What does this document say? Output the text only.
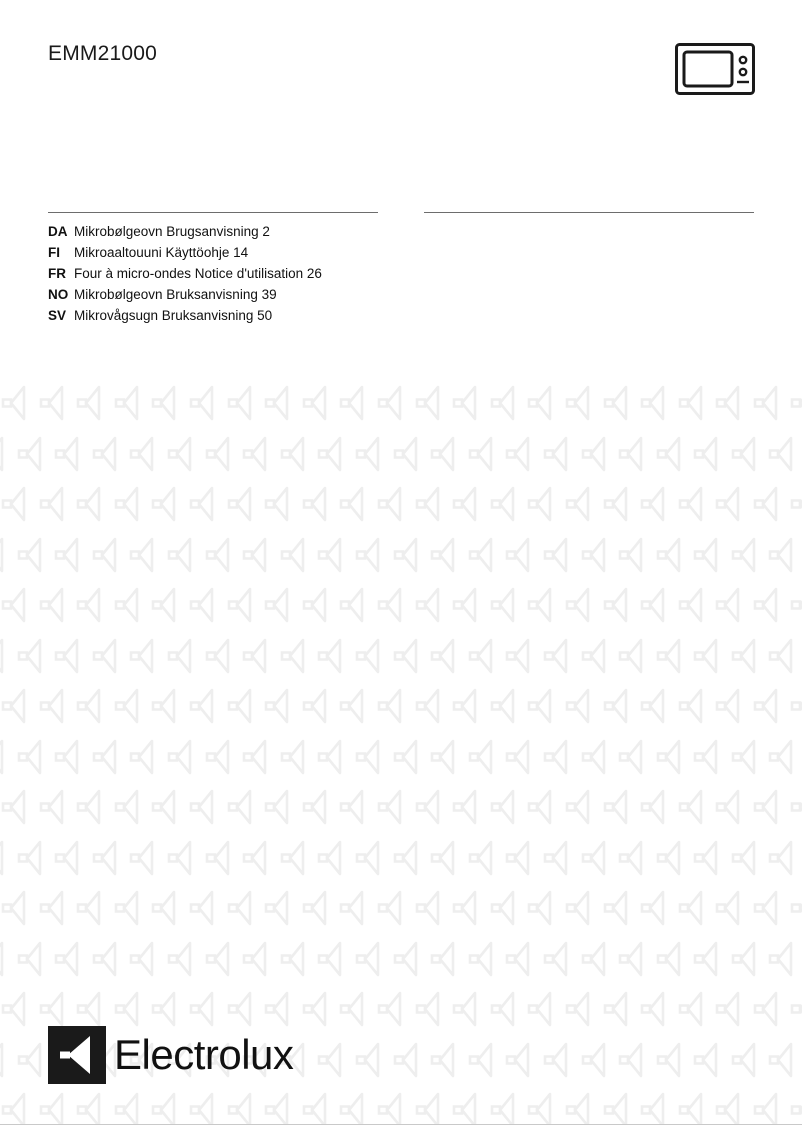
EMM21000
DA Mikrobølgeovn Brugsanvisning 2
FI	Mikroaaltouuni Käyttöohje 14
FR Four à micro-ondes Notice d'utilisation 26
NO Mikrobølgeovn Bruksanvisning 39
SV Mikrovågsugn Bruksanvisning 50
Electrolux
